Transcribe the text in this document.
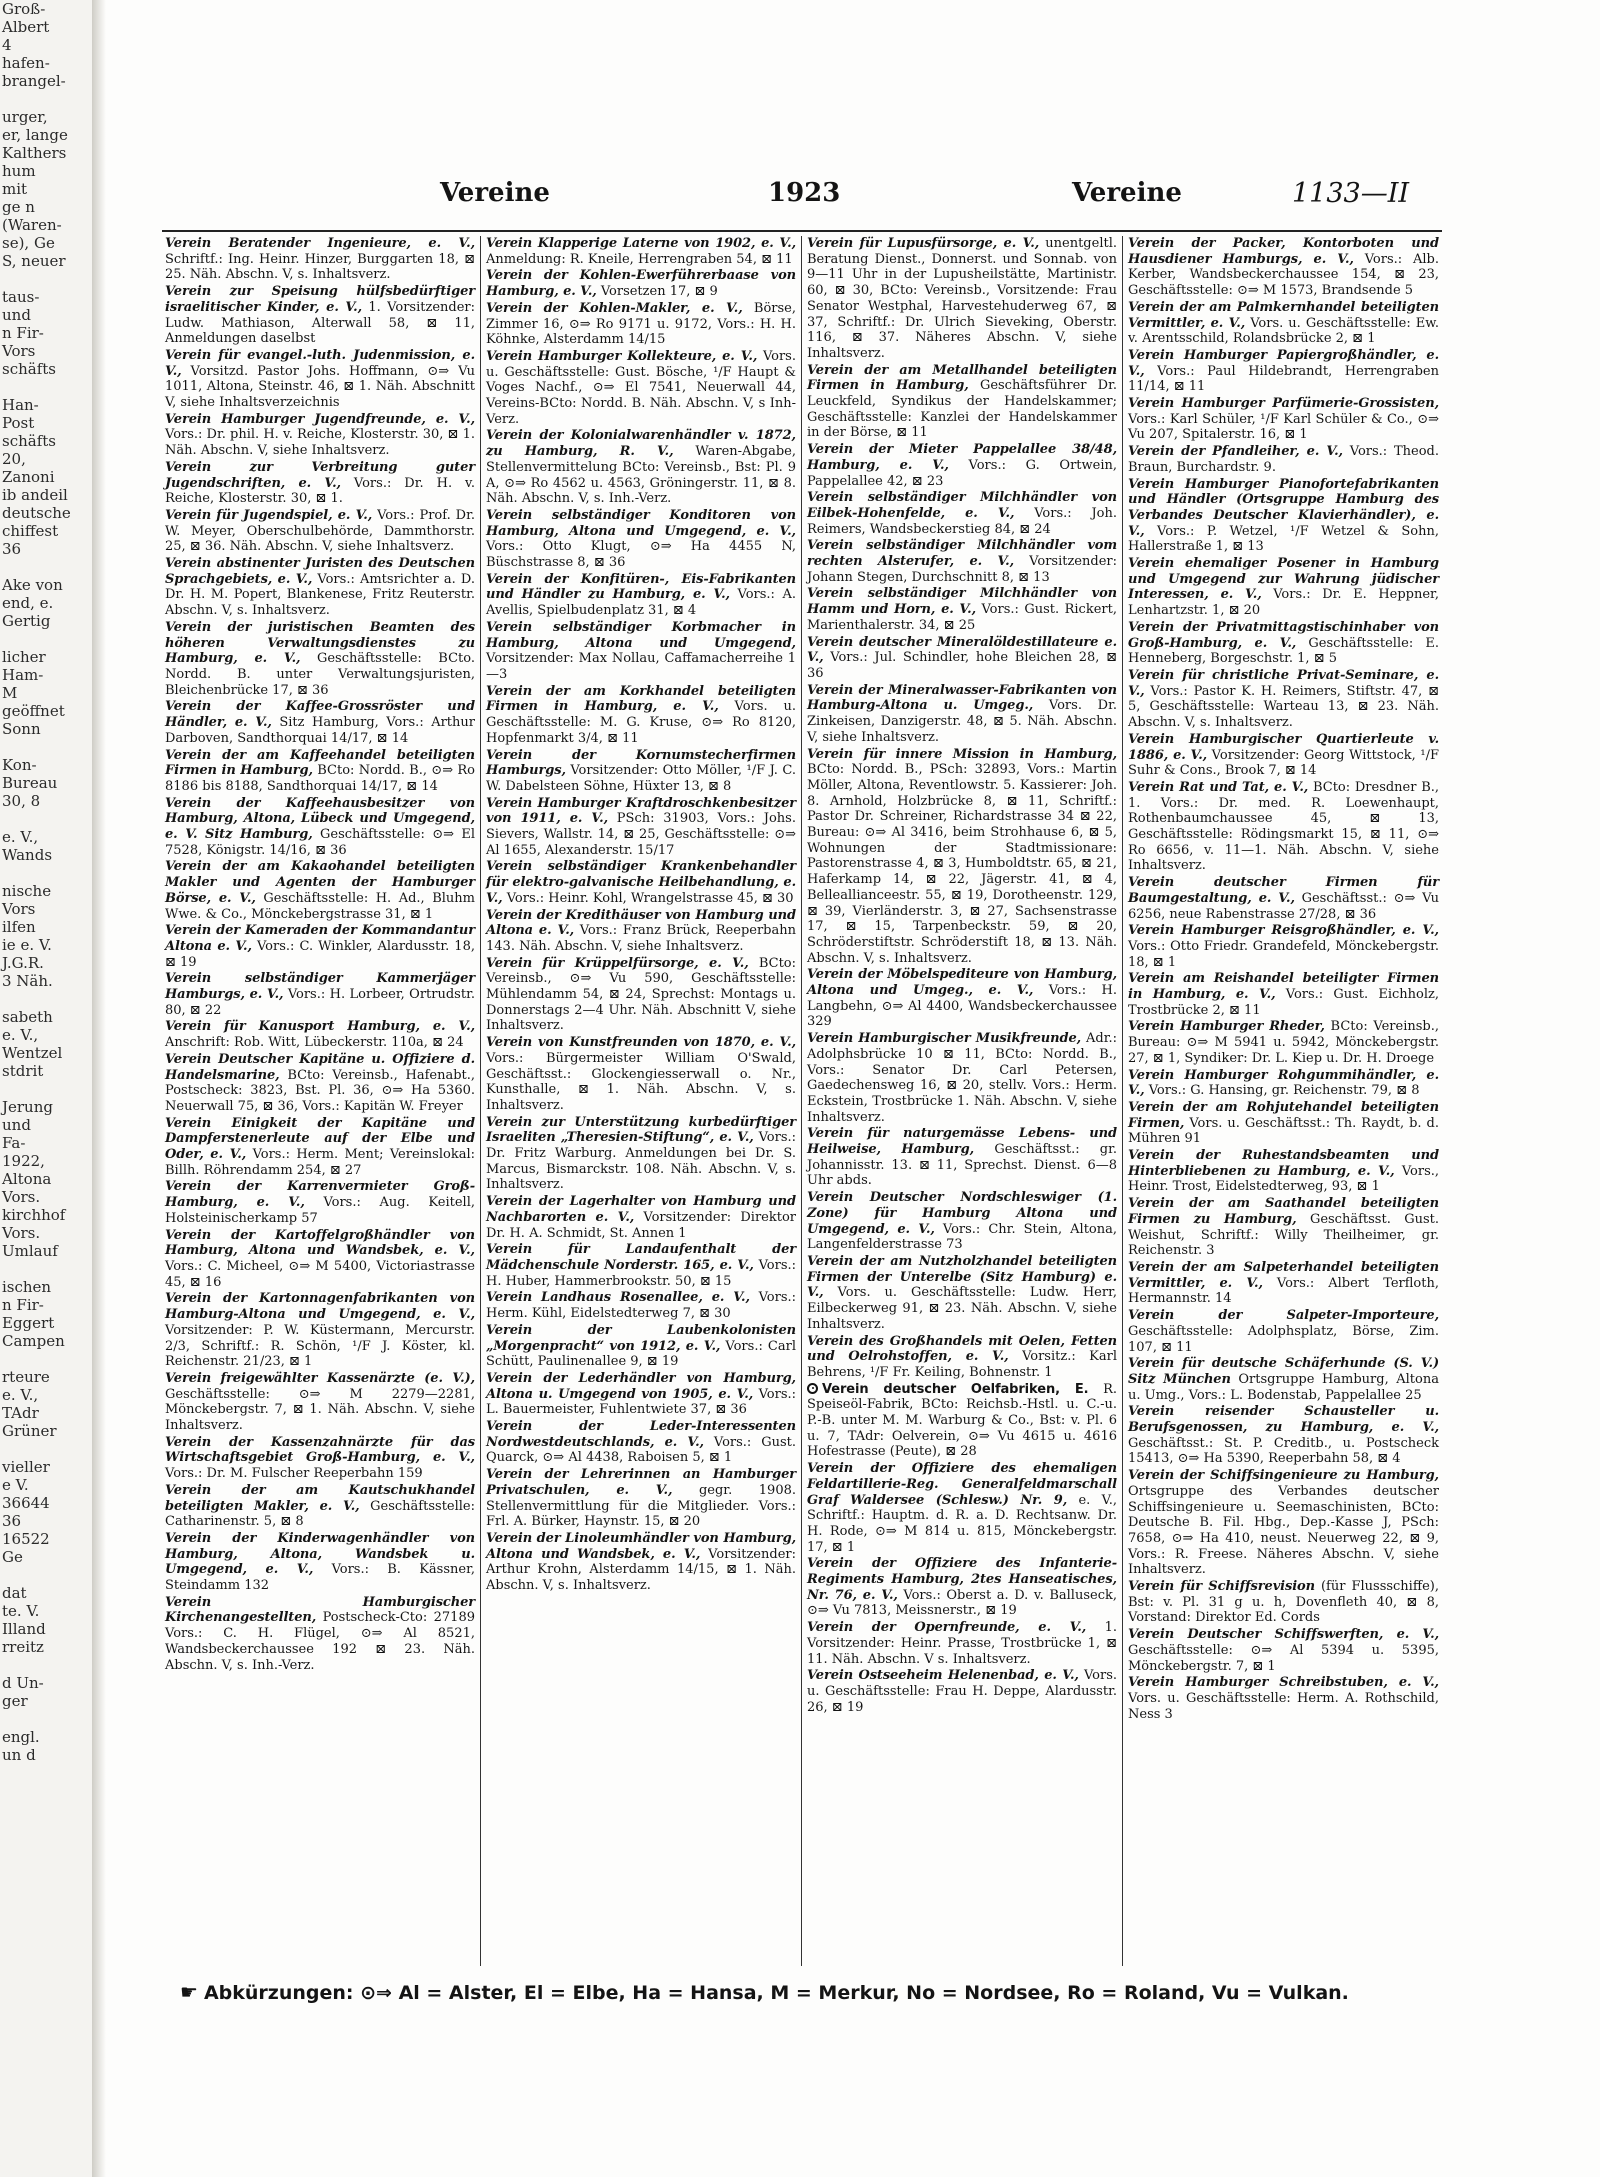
Groß-
Albert
4
hafen-
brangel-
urger,
er, lange
Kalthers
hum
mit
ge n
(Waren-
se), Ge
S, neuer
taus-
und
n Fir-
Vors
schäfts
Han-
Post
schäfts
20,
Zanoni
ib andeil
deutsche
chiffest
36
Ake von
end, e.
Gertig
licher
Ham-
M
geöffnet
Sonn
Kon-
Bureau
30, 8
e. V.,
Wands
nische
Vors
ilfen
ie e. V.
J.G.R.
3 Näh.
sabeth
e. V.,
Wentzel
stdrit
Jerung
und
Fa-
1922,
Altona
Vors.
kirchhof
Vors.
Umlauf
ischen
n Fir-
Eggert
Campen
rteure
e. V.,
TAdr
Grüner
vieller
e V.
36644
36
16522
Ge
dat
te. V.
Illand
rreitz
d Un-
ger
engl.
un d
Vereine	1923	Vereine	1133—II

Verein Beratender Ingenieure, e. V., Schriftf.: Ing. Heinr. Hinzer, Burggarten 18, ⊠ 25. Näh. Abschn. V, s. Inhaltsverz.

Verein zur Speisung hülfsbedürftiger israelitischer Kinder, e. V., 1. Vorsitzender: Ludw. Mathiason, Alterwall 58, ⊠ 11, Anmeldungen daselbst

Verein für evangel.-luth. Judenmission, e. V., Vorsitzd. Pastor Johs. Hoffmann, ⊙⇒ Vu 1011, Altona, Steinstr. 46, ⊠ 1. Näh. Abschnitt V, siehe Inhaltsverzeichnis

Verein Hamburger Jugendfreunde, e. V., Vors.: Dr. phil. H. v. Reiche, Klosterstr. 30, ⊠ 1. Näh. Abschn. V, siehe Inhaltsverz.

Verein zur Verbreitung guter Jugendschriften, e. V., Vors.: Dr. H. v. Reiche, Klosterstr. 30, ⊠ 1.

Verein für Jugendspiel, e. V., Vors.: Prof. Dr. W. Meyer, Oberschulbehörde, Dammthorstr. 25, ⊠ 36. Näh. Abschn. V, siehe Inhaltsverz.

Verein abstinenter Juristen des Deutschen Sprachgebiets, e. V., Vors.: Amtsrichter a. D. Dr. H. M. Popert, Blankenese, Fritz Reuterstr. Abschn. V, s. Inhaltsverz.

Verein der juristischen Beamten des höheren Verwaltungsdienstes zu Hamburg, e. V., Geschäftsstelle: BCto. Nordd. B. unter Verwaltungsjuristen, Bleichenbrücke 17, ⊠ 36

Verein der Kaffee-Grossröster und Händler, e. V., Sitz Hamburg, Vors.: Arthur Darboven, Sandthorquai 14/17, ⊠ 14

Verein der am Kaffeehandel beteiligten Firmen in Hamburg, BCto: Nordd. B., ⊙⇒ Ro 8186 bis 8188, Sandthorquai 14/17, ⊠ 14

Verein der Kaffeehausbesitzer von Hamburg, Altona, Lübeck und Umgegend, e. V. Sitz Hamburg, Geschäftsstelle: ⊙⇒ El 7528, Königstr. 14/16, ⊠ 36

Verein der am Kakaohandel beteiligten Makler und Agenten der Hamburger Börse, e. V., Geschäftsstelle: H. Ad., Bluhm Wwe. & Co., Mönckebergstrasse 31, ⊠ 1

Verein der Kameraden der Kommandantur Altona e. V., Vors.: C. Winkler, Alardusstr. 18, ⊠ 19

Verein selbständiger Kammerjäger Hamburgs, e. V., Vors.: H. Lorbeer, Ortrudstr. 80, ⊠ 22

Verein für Kanusport Hamburg, e. V., Anschrift: Rob. Witt, Lübeckerstr. 110a, ⊠ 24

Verein Deutscher Kapitäne u. Offiziere d. Handelsmarine, BCto: Vereinsb., Hafenabt., Postscheck: 3823, Bst. Pl. 36, ⊙⇒ Ha 5360. Neuerwall 75, ⊠ 36, Vors.: Kapitän W. Freyer

Verein Einigkeit der Kapitäne und Dampferstenerleute auf der Elbe und Oder, e. V., Vors.: Herm. Ment; Vereinslokal: Billh. Röhrendamm 254, ⊠ 27

Verein der Karrenvermieter Groß-Hamburg, e. V., Vors.: Aug. Keitell, Holsteinischerkamp 57

Verein der Kartoffelgroßhändler von Hamburg, Altona und Wandsbek, e. V., Vors.: C. Micheel, ⊙⇒ M 5400, Victoriastrasse 45, ⊠ 16

Verein der Kartonnagenfabrikanten von Hamburg-Altona und Umgegend, e. V., Vorsitzender: P. W. Küstermann, Mercurstr. 2/3, Schriftf.: R. Schön, ¹/F J. Köster, kl. Reichenstr. 21/23, ⊠ 1

Verein freigewählter Kassenärzte (e. V.), Geschäftsstelle: ⊙⇒ M 2279—2281, Mönckebergstr. 7, ⊠ 1. Näh. Abschn. V, siehe Inhaltsverz.

Verein der Kassenzahnärzte für das Wirtschaftsgebiet Groß-Hamburg, e. V., Vors.: Dr. M. Fulscher Reeperbahn 159

Verein der am Kautschukhandel beteiligten Makler, e. V., Geschäftsstelle: Catharinenstr. 5, ⊠ 8

Verein der Kinderwagenhändler von Hamburg, Altona, Wandsbek u. Umgegend, e. V., Vors.: B. Kässner, Steindamm 132

Verein Hamburgischer Kirchenangestellten, Postscheck-Cto: 27189 Vors.: C. H. Flügel, ⊙⇒ Al 8521, Wandsbeckerchaussee 192 ⊠ 23. Näh. Abschn. V, s. Inh.-Verz.

Verein Klapperige Laterne von 1902, e. V., Anmeldung: R. Kneile, Herrengraben 54, ⊠ 11

Verein der Kohlen-Ewerführerbaase von Hamburg, e. V., Vorsetzen 17, ⊠ 9

Verein der Kohlen-Makler, e. V., Börse, Zimmer 16, ⊙⇒ Ro 9171 u. 9172, Vors.: H. H. Köhnke, Alsterdamm 14/15

Verein Hamburger Kollekteure, e. V., Vors. u. Geschäftsstelle: Gust. Bösche, ¹/F Haupt & Voges Nachf., ⊙⇒ El 7541, Neuerwall 44, Vereins-BCto: Nordd. B. Näh. Abschn. V, s Inh-Verz.

Verein der Kolonialwarenhändler v. 1872, zu Hamburg, R. V., Waren-Abgabe, Stellenvermittelung BCto: Vereinsb., Bst: Pl. 9 A, ⊙⇒ Ro 4562 u. 4563, Gröningerstr. 11, ⊠ 8. Näh. Abschn. V, s. Inh.-Verz.

Verein selbständiger Konditoren von Hamburg, Altona und Umgegend, e. V., Vors.: Otto Klugt, ⊙⇒ Ha 4455 N, Büschstrasse 8, ⊠ 36

Verein der Konfitüren-, Eis-Fabrikanten und Händler zu Hamburg, e. V., Vors.: A. Avellis, Spielbudenplatz 31, ⊠ 4

Verein selbständiger Korbmacher in Hamburg, Altona und Umgegend, Vorsitzender: Max Nollau, Caffamacherreihe 1—3

Verein der am Korkhandel beteiligten Firmen in Hamburg, e. V., Vors. u. Geschäftsstelle: M. G. Kruse, ⊙⇒ Ro 8120, Hopfenmarkt 3/4, ⊠ 11

Verein der Kornumstecherfirmen Hamburgs, Vorsitzender: Otto Möller, ¹/F J. C. W. Dabelsteen Söhne, Hüxter 13, ⊠ 8

Verein Hamburger Kraftdroschkenbesitzer von 1911, e. V., PSch: 31903, Vors.: Johs. Sievers, Wallstr. 14, ⊠ 25, Geschäftsstelle: ⊙⇒ Al 1655, Alexanderstr. 15/17

Verein selbständiger Krankenbehandler für elektro-galvanische Heilbehandlung, e. V., Vors.: Heinr. Kohl, Wrangelstrasse 45, ⊠ 30

Verein der Kredithäuser von Hamburg und Altona e. V., Vors.: Franz Brück, Reeperbahn 143. Näh. Abschn. V, siehe Inhaltsverz.

Verein für Krüppelfürsorge, e. V., BCto: Vereinsb., ⊙⇒ Vu 590, Geschäftsstelle: Mühlendamm 54, ⊠ 24, Sprechst: Montags u. Donnerstags 2—4 Uhr. Näh. Abschnitt V, siehe Inhaltsverz.

Verein von Kunstfreunden von 1870, e. V., Vors.: Bürgermeister William O'Swald, Geschäftsst.: Glockengiesserwall o. Nr., Kunsthalle, ⊠ 1. Näh. Abschn. V, s. Inhaltsverz.

Verein zur Unterstützung kurbedürftiger Israeliten „Theresien-Stiftung“, e. V., Vors.: Dr. Fritz Warburg. Anmeldungen bei Dr. S. Marcus, Bismarckstr. 108. Näh. Abschn. V, s. Inhaltsverz.

Verein der Lagerhalter von Hamburg und Nachbarorten e. V., Vorsitzender: Direktor Dr. H. A. Schmidt, St. Annen 1

Verein für Landaufenthalt der Mädchenschule Norderstr. 165, e. V., Vors.: H. Huber, Hammerbrookstr. 50, ⊠ 15

Verein Landhaus Rosenallee, e. V., Vors.: Herm. Kühl, Eidelstedterweg 7, ⊠ 30

Verein der Laubenkolonisten „Morgenpracht“ von 1912, e. V., Vors.: Carl Schütt, Paulinenallee 9, ⊠ 19

Verein der Lederhändler von Hamburg, Altona u. Umgegend von 1905, e. V., Vors.: L. Bauermeister, Fuhlentwiete 37, ⊠ 36

Verein der Leder-Interessenten Nordwestdeutschlands, e. V., Vors.: Gust. Quarck, ⊙⇒ Al 4438, Raboisen 5, ⊠ 1

Verein der Lehrerinnen an Hamburger Privatschulen, e. V., gegr. 1908. Stellenvermittlung für die Mitglieder. Vors.: Frl. A. Bürker, Haynstr. 15, ⊠ 20

Verein der Linoleumhändler von Hamburg, Altona und Wandsbek, e. V., Vorsitzender: Arthur Krohn, Alsterdamm 14/15, ⊠ 1. Näh. Abschn. V, s. Inhaltsverz.

Verein für Lupusfürsorge, e. V., unentgeltl. Beratung Dienst., Donnerst. und Sonnab. von 9—11 Uhr in der Lupusheilstätte, Martinistr. 60, ⊠ 30, BCto: Vereinsb., Vorsitzende: Frau Senator Westphal, Harvestehuderweg 67, ⊠ 37, Schriftf.: Dr. Ulrich Sieveking, Oberstr. 116, ⊠ 37. Näheres Abschn. V, siehe Inhaltsverz.

Verein der am Metallhandel beteiligten Firmen in Hamburg, Geschäftsführer Dr. Leuckfeld, Syndikus der Handelskammer; Geschäftsstelle: Kanzlei der Handelskammer in der Börse, ⊠ 11

Verein der Mieter Pappelallee 38/48, Hamburg, e. V., Vors.: G. Ortwein, Pappelallee 42, ⊠ 23

Verein selbständiger Milchhändler von Eilbek-Hohenfelde, e. V., Vors.: Joh. Reimers, Wandsbeckerstieg 84, ⊠ 24

Verein selbständiger Milchhändler vom rechten Alsterufer, e. V., Vorsitzender: Johann Stegen, Durchschnitt 8, ⊠ 13

Verein selbständiger Milchhändler von Hamm und Horn, e. V., Vors.: Gust. Rickert, Marienthalerstr. 34, ⊠ 25

Verein deutscher Mineralöldestillateure e. V., Vors.: Jul. Schindler, hohe Bleichen 28, ⊠ 36

Verein der Mineralwasser-Fabrikanten von Hamburg-Altona u. Umgeg., Vors. Dr. Zinkeisen, Danzigerstr. 48, ⊠ 5. Näh. Abschn. V, siehe Inhaltsverz.

Verein für innere Mission in Hamburg, BCto: Nordd. B., PSch: 32893, Vors.: Martin Möller, Altona, Reventlowstr. 5. Kassierer: Joh. 8. Arnhold, Holzbrücke 8, ⊠ 11, Schriftf.: Pastor Dr. Schreiner, Richardstrasse 34 ⊠ 22, Bureau: ⊙⇒ Al 3416, beim Strohhause 6, ⊠ 5, Wohnungen der Stadtmissionare: Pastorenstrasse 4, ⊠ 3, Humboldtstr. 65, ⊠ 21, Haferkamp 14, ⊠ 22, Jägerstr. 41, ⊠ 4, Belleallianceestr. 55, ⊠ 19, Dorotheenstr. 129, ⊠ 39, Vierländerstr. 3, ⊠ 27, Sachsenstrasse 17, ⊠ 15, Tarpenbeckstr. 59, ⊠ 20, Schröderstiftstr. Schröderstift 18, ⊠ 13. Näh. Abschn. V, s. Inhaltsverz.

Verein der Möbelspediteure von Hamburg, Altona und Umgeg., e. V., Vors.: H. Langbehn, ⊙⇒ Al 4400, Wandsbeckerchaussee 329

Verein Hamburgischer Musikfreunde, Adr.: Adolphsbrücke 10 ⊠ 11, BCto: Nordd. B., Vors.: Senator Dr. Carl Petersen, Gaedechensweg 16, ⊠ 20, stellv. Vors.: Herm. Eckstein, Trostbrücke 1. Näh. Abschn. V, siehe Inhaltsverz.

Verein für naturgemässe Lebens- und Heilweise, Hamburg, Geschäftsst.: gr. Johannisstr. 13. ⊠ 11, Sprechst. Dienst. 6—8 Uhr abds.

Verein Deutscher Nordschleswiger (1. Zone) für Hamburg Altona und Umgegend, e. V., Vors.: Chr. Stein, Altona, Langenfelderstrasse 73

Verein der am Nutzholzhandel beteiligten Firmen der Unterelbe (Sitz Hamburg) e. V., Vors. u. Geschäftsstelle: Ludw. Herr, Eilbeckerweg 91, ⊠ 23. Näh. Abschn. V, siehe Inhaltsverz.

Verein des Großhandels mit Oelen, Fetten und Oelrohstoffen, e. V., Vorsitz.: Karl Behrens, ¹/F Fr. Keiling, Bohnenstr. 1

Verein deutscher Oelfabriken, E. R. Speiseöl-Fabrik, BCto: Reichsb.-Hstl. u. C.-u. P.-B. unter M. M. Warburg & Co., Bst: v. Pl. 6 u. 7, TAdr: Oelverein, ⊙⇒ Vu 4615 u. 4616 Hofestrasse (Peute), ⊠ 28

Verein der Offiziere des ehemaligen Feldartillerie-Reg. Generalfeldmarschall Graf Waldersee (Schlesw.) Nr. 9, e. V., Schriftf.: Hauptm. d. R. a. D. Rechtsanw. Dr. H. Rode, ⊙⇒ M 814 u. 815, Mönckebergstr. 17, ⊠ 1

Verein der Offiziere des Infanterie-Regiments Hamburg, 2tes Hanseatisches, Nr. 76, e. V., Vors.: Oberst a. D. v. Balluseck, ⊙⇒ Vu 7813, Meissnerstr., ⊠ 19

Verein der Opernfreunde, e. V., 1. Vorsitzender: Heinr. Prasse, Trostbrücke 1, ⊠ 11. Näh. Abschn. V s. Inhaltsverz.

Verein Ostseeheim Helenenbad, e. V., Vors. u. Geschäftsstelle: Frau H. Deppe, Alardusstr. 26, ⊠ 19

Verein der Packer, Kontorboten und Hausdiener Hamburgs, e. V., Vors.: Alb. Kerber, Wandsbeckerchaussee 154, ⊠ 23, Geschäftsstelle: ⊙⇒ M 1573, Brandsende 5

Verein der am Palmkernhandel beteiligten Vermittler, e. V., Vors. u. Geschäftsstelle: Ew. v. Arentsschild, Rolandsbrücke 2, ⊠ 1

Verein Hamburger Papiergroßhändler, e. V., Vors.: Paul Hildebrandt, Herrengraben 11/14, ⊠ 11

Verein Hamburger Parfümerie-Grossisten, Vors.: Karl Schüler, ¹/F Karl Schüler & Co., ⊙⇒ Vu 207, Spitalerstr. 16, ⊠ 1

Verein der Pfandleiher, e. V., Vors.: Theod. Braun, Burchardstr. 9.

Verein Hamburger Pianofortefabrikanten und Händler (Ortsgruppe Hamburg des Verbandes Deutscher Klavierhändler), e. V., Vors.: P. Wetzel, ¹/F Wetzel & Sohn, Hallerstraße 1, ⊠ 13

Verein ehemaliger Posener in Hamburg und Umgegend zur Wahrung jüdischer Interessen, e. V., Vors.: Dr. E. Heppner, Lenhartzstr. 1, ⊠ 20

Verein der Privatmittagstischinhaber von Groß-Hamburg, e. V., Geschäftsstelle: E. Henneberg, Borgeschstr. 1, ⊠ 5

Verein für christliche Privat-Seminare, e. V., Vors.: Pastor K. H. Reimers, Stiftstr. 47, ⊠ 5, Geschäftsstelle: Warteau 13, ⊠ 23. Näh. Abschn. V, s. Inhaltsverz.

Verein Hamburgischer Quartierleute v. 1886, e. V., Vorsitzender: Georg Wittstock, ¹/F Suhr & Cons., Brook 7, ⊠ 14

Verein Rat und Tat, e. V., BCto: Dresdner B., 1. Vors.: Dr. med. R. Loewenhaupt, Rothenbaumchaussee 45, ⊠ 13, Geschäftsstelle: Rödingsmarkt 15, ⊠ 11, ⊙⇒ Ro 6656, v. 11—1. Näh. Abschn. V, siehe Inhaltsverz.

Verein deutscher Firmen für Baumgestaltung, e. V., Geschäftsst.: ⊙⇒ Vu 6256, neue Rabenstrasse 27/28, ⊠ 36

Verein Hamburger Reisgroßhändler, e. V., Vors.: Otto Friedr. Grandefeld, Mönckebergstr. 18, ⊠ 1

Verein am Reishandel beteiligter Firmen in Hamburg, e. V., Vors.: Gust. Eichholz, Trostbrücke 2, ⊠ 11

Verein Hamburger Rheder, BCto: Vereinsb., Bureau: ⊙⇒ M 5941 u. 5942, Mönckebergstr. 27, ⊠ 1, Syndiker: Dr. L. Kiep u. Dr. H. Droege

Verein Hamburger Rohgummihändler, e. V., Vors.: G. Hansing, gr. Reichenstr. 79, ⊠ 8

Verein der am Rohjutehandel beteiligten Firmen, Vors. u. Geschäftsst.: Th. Raydt, b. d. Mühren 91

Verein der Ruhestandsbeamten und Hinterbliebenen zu Hamburg, e. V., Vors., Heinr. Trost, Eidelstedterweg, 93, ⊠ 1

Verein der am Saathandel beteiligten Firmen zu Hamburg, Geschäftsst. Gust. Weishut, Schriftf.: Willy Theilheimer, gr. Reichenstr. 3

Verein der am Salpeterhandel beteiligten Vermittler, e. V., Vors.: Albert Terfloth, Hermannstr. 14

Verein der Salpeter-Importeure, Geschäftsstelle: Adolphsplatz, Börse, Zim. 107, ⊠ 11

Verein für deutsche Schäferhunde (S. V.) Sitz München Ortsgruppe Hamburg, Altona u. Umg., Vors.: L. Bodenstab, Pappelallee 25

Verein reisender Schausteller u. Berufsgenossen, zu Hamburg, e. V., Geschäftsst.: St. P. Creditb., u. Postscheck 15413, ⊙⇒ Ha 5390, Reeperbahn 58, ⊠ 4

Verein der Schiffsingenieure zu Hamburg, Ortsgruppe des Verbandes deutscher Schiffsingenieure u. Seemaschinisten, BCto: Deutsche B. Fil. Hbg., Dep.-Kasse J, PSch: 7658, ⊙⇒ Ha 410, neust. Neuerweg 22, ⊠ 9, Vors.: R. Freese. Näheres Abschn. V, siehe Inhaltsverz.

Verein für Schiffsrevision (für Flussschiffe), Bst: v. Pl. 31 g u. h, Dovenfleth 40, ⊠ 8, Vorstand: Direktor Ed. Cords

Verein Deutscher Schiffswerften, e. V., Geschäftsstelle: ⊙⇒ Al 5394 u. 5395, Mönckebergstr. 7, ⊠ 1

Verein Hamburger Schreibstuben, e. V., Vors. u. Geschäftsstelle: Herm. A. Rothschild, Ness 3

☛ Abkürzungen: ⊙⇒ Al = Alster, El = Elbe, Ha = Hansa, M = Merkur, No = Nordsee, Ro = Roland, Vu = Vulkan.
